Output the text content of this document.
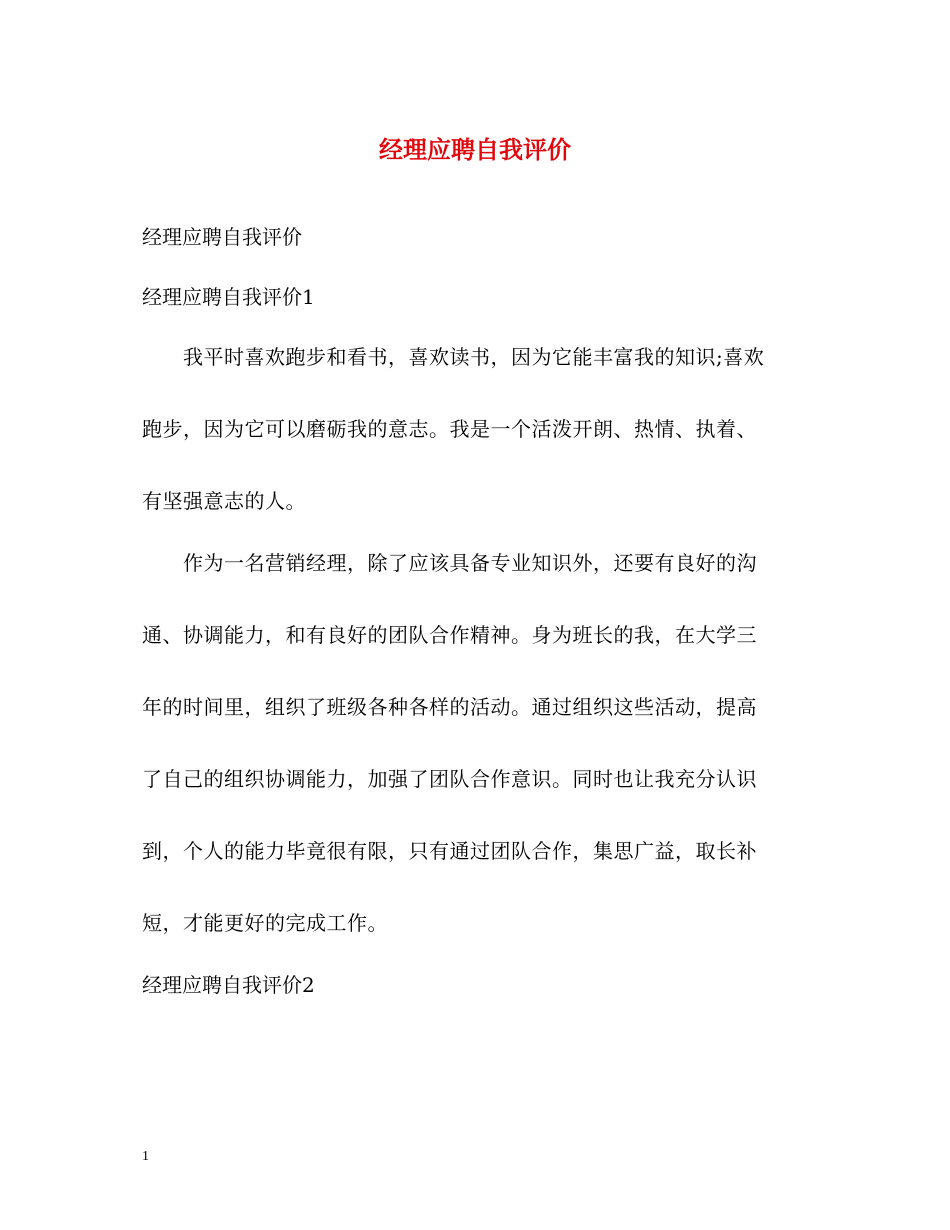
经理应聘自我评价
经理应聘自我评价
经理应聘自我评价1
　　我平时喜欢跑步和看书，喜欢读书，因为它能丰富我的知识;喜欢
跑步，因为它可以磨砺我的意志。我是一个活泼开朗、热情、执着、
有坚强意志的人。
　　作为一名营销经理，除了应该具备专业知识外，还要有良好的沟
通、协调能力，和有良好的团队合作精神。身为班长的我，在大学三
年的时间里，组织了班级各种各样的活动。通过组织这些活动，提高
了自己的组织协调能力，加强了团队合作意识。同时也让我充分认识
到，个人的能力毕竟很有限，只有通过团队合作，集思广益，取长补
短，才能更好的完成工作。
经理应聘自我评价2
1
